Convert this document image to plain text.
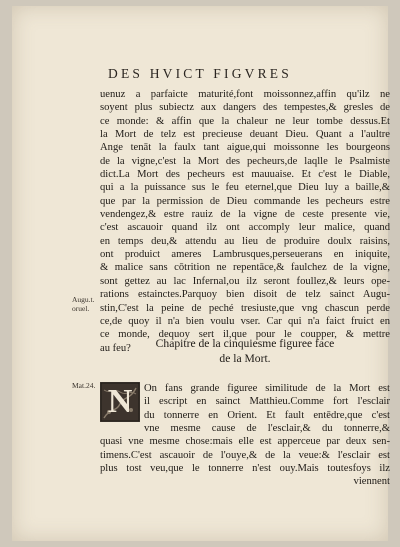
DES HVICT FIGVRES
uenuz a parfaicte maturité,font moissonnez,affin qu'ilz ne
soyent plus subiectz aux dangers des tempestes,& gresles de
ce monde: & affin que la chaleur ne leur tombe dessus.Et
la Mort de telz est precieuse deuant Dieu. Quant a l'aultre
Ange tenāt la faulx tant aigue,qui moissonne les bourgeons
de la vigne,c'est la Mort des pecheurs,de laqlle le Psalmiste
dict.La Mort des pecheurs est mauuaise. Et c'est le Diable,
qui a la puissance sus le feu eternel,que Dieu luy a baille,&
que par la permission de Dieu commande les pecheurs estre
vendengez,& estre rauiz de la vigne de ceste presente vie,
c'est ascauoir quand ilz ont accomply leur malice, quand
en temps deu,& attendu au lieu de produire doulx raisins,
ont produict ameres Lambrusques,perseuerans en iniquite,
& malice sans cōtrition ne repentāce,& faulchez de la vigne,
sont gettez au lac Infernal,ou ilz seront foullez,& leurs ope-
rations estainctes.Parquoy bien disoit de telz sainct Augu-
stin,C'est la peine de peché tresiuste,que vng chascun perde
ce,de quoy il n'a bien voulu vser. Car qui n'a faict fruict en
ce monde, dequoy sert il,que pour le coupper, & mettre
au feu?
Augu.t. oruel.
Chapitre de la cinquiesme figuree face
de la Mort.
Mat.24.	On fans grande figuree similitude de la Mort est
il escript en sainct Matthieu.Comme fort l'esclair
du tonnerre en Orient. Et fault entēdre,que c'est
vne mesme cause de l'esclair,& du tonnerre,&
quasi vne mesme chose:mais elle est apperceue par deux sen-
timens.C'est ascauoir de l'ouye,& de la veue:& l'esclair est
plus tost veu,que le tonnerre n'est ouy.Mais toutesfoys ilz
viennent
N
